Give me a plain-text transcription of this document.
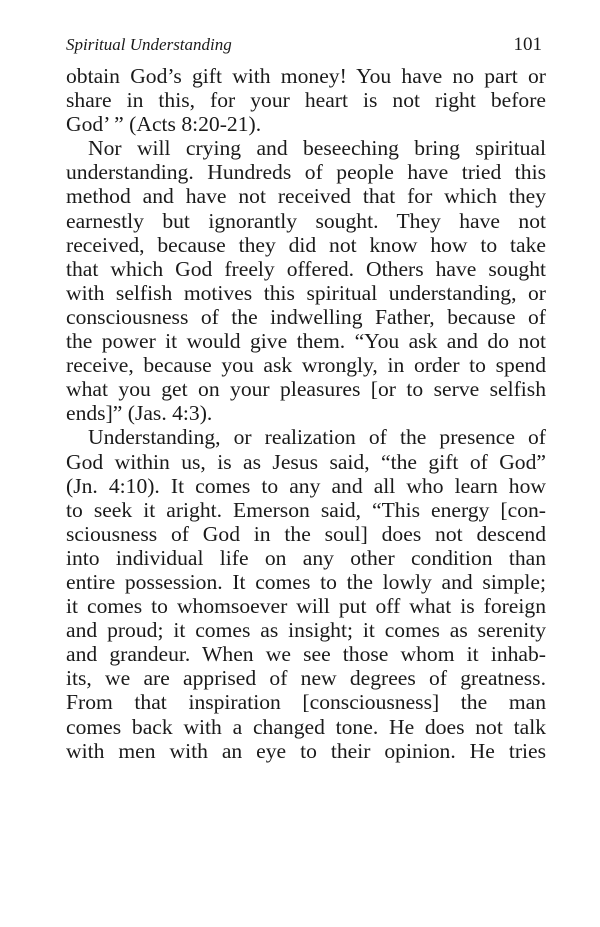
Spiritual Understanding	101

obtain God’s gift with money! You have no part or
share in this, for your heart is not right before
God’ ” (Acts 8:20-21).

Nor will crying and beseeching bring spiritual
understanding. Hundreds of people have tried this
method and have not received that for which they
earnestly but ignorantly sought. They have not
received, because they did not know how to take
that which God freely offered. Others have sought
with selfish motives this spiritual understanding, or
consciousness of the indwelling Father, because of
the power it would give them. “You ask and do not
receive, because you ask wrongly, in order to spend
what you get on your pleasures [or to serve selfish
ends]” (Jas. 4:3).

Understanding, or realization of the presence of
God within us, is as Jesus said, “the gift of God”
(Jn. 4:10). It comes to any and all who learn how
to seek it aright. Emerson said, “This energy [con-
sciousness of God in the soul] does not descend
into individual life on any other condition than
entire possession. It comes to the lowly and simple;
it comes to whomsoever will put off what is foreign
and proud; it comes as insight; it comes as serenity
and grandeur. When we see those whom it inhab-
its, we are apprised of new degrees of greatness.
From that inspiration [consciousness] the man
comes back with a changed tone. He does not talk
with men with an eye to their opinion. He tries
